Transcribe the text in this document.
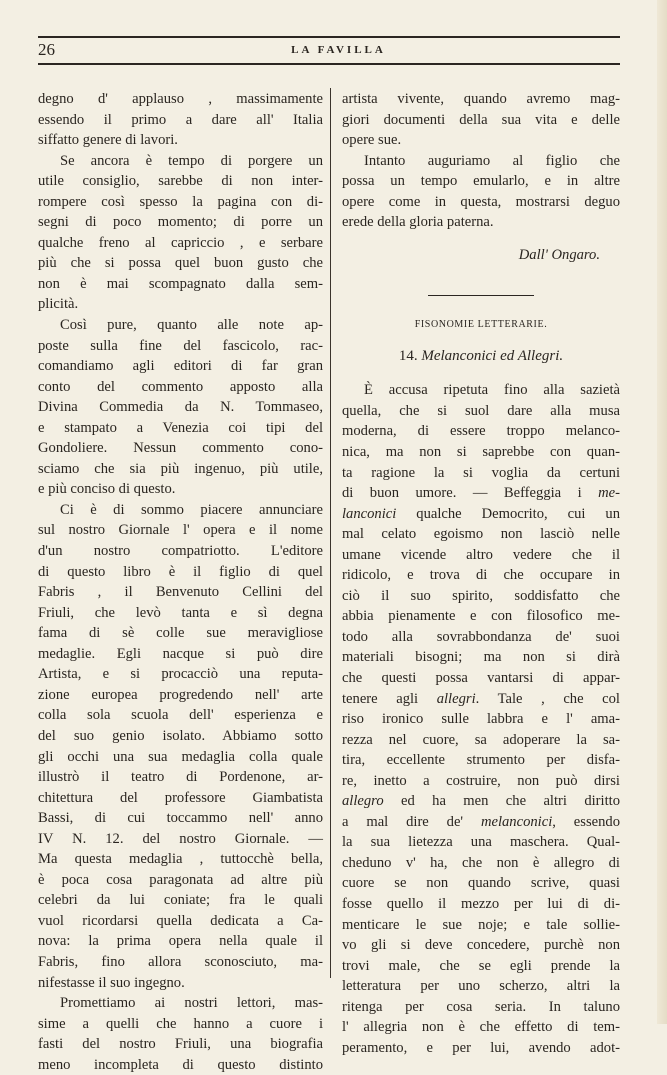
26	LA FAVILLA
degno d' applauso , massimamente
essendo il primo a dare all' Italia
siffatto genere di lavori.
Se ancora è tempo di porgere un
utile consiglio, sarebbe di non inter-
rompere così spesso la pagina con di-
segni di poco momento; di porre un
qualche freno al capriccio , e serbare
più che si possa quel buon gusto che
non è mai scompagnato dalla sem-
plicità.
Così pure, quanto alle note ap-
poste sulla fine del fascicolo, rac-
comandiamo agli editori di far gran
conto del commento apposto alla
Divina Commedia da N. Tommaseo,
e stampato a Venezia coi tipi del
Gondoliere. Nessun commento cono-
sciamo che sia più ingenuo, più utile,
e più conciso di questo.
Ci è di sommo piacere annunciare
sul nostro Giornale l' opera e il nome
d'un nostro compatriotto. L'editore
di questo libro è il figlio di quel
Fabris , il Benvenuto Cellini del
Friuli, che levò tanta e sì degna
fama di sè colle sue meravigliose
medaglie. Egli nacque si può dire
Artista, e si procacciò una reputa-
zione europea progredendo nell' arte
colla sola scuola dell' esperienza e
del suo genio isolato. Abbiamo sotto
gli occhi una sua medaglia colla quale
illustrò il teatro di Pordenone, ar-
chitettura del professore Giambatista
Bassi, di cui toccammo nell' anno
IV N. 12. del nostro Giornale. —
Ma questa medaglia , tuttocchè bella,
è poca cosa paragonata ad altre più
celebri da lui coniate; fra le quali
vuol ricordarsi quella dedicata a Ca-
nova: la prima opera nella quale il
Fabris, fino allora sconosciuto, ma-
nifestasse il suo ingegno.
Promettiamo ai nostri lettori, mas-
sime a quelli che hanno a cuore i
fasti del nostro Friuli, una biografia
meno incompleta di questo distinto
artista vivente, quando avremo mag-
giori documenti della sua vita e delle
opere sue.
Intanto auguriamo al figlio che
possa un tempo emularlo, e in altre
opere come in questa, mostrarsi deguo
erede della gloria paterna.
Dall' Ongaro.
FISONOMIE LETTERARIE.
14. Melanconici ed Allegri.
È accusa ripetuta fino alla sazietà
quella, che si suol dare alla musa
moderna, di essere troppo melanco-
nica, ma non si saprebbe con quan-
ta ragione la si voglia da certuni
di buon umore. — Beffeggia i me-
lanconici qualche Democrito, cui un
mal celato egoismo non lasciò nelle
umane vicende altro vedere che il
ridicolo, e trova di che occupare in
ciò il suo spirito, soddisfatto che
abbia pienamente e con filosofico me-
todo alla sovrabbondanza de' suoi
materiali bisogni; ma non si dirà
che questi possa vantarsi di appar-
tenere agli allegri. Tale , che col
riso ironico sulle labbra e l' ama-
rezza nel cuore, sa adoperare la sa-
tira, eccellente strumento per disfa-
re, inetto a costruire, non può dirsi
allegro ed ha men che altri diritto
a mal dire de' melanconici, essendo
la sua lietezza una maschera. Qual-
cheduno v' ha, che non è allegro di
cuore se non quando scrive, quasi
fosse quello il mezzo per lui di di-
menticare le sue noje; e tale sollie-
vo gli si deve concedere, purchè non
trovi male, che se egli prende la
letteratura per uno scherzo, altri la
ritenga per cosa seria. In taluno
l' allegria non è che effetto di tem-
peramento, e per lui, avendo adot-
